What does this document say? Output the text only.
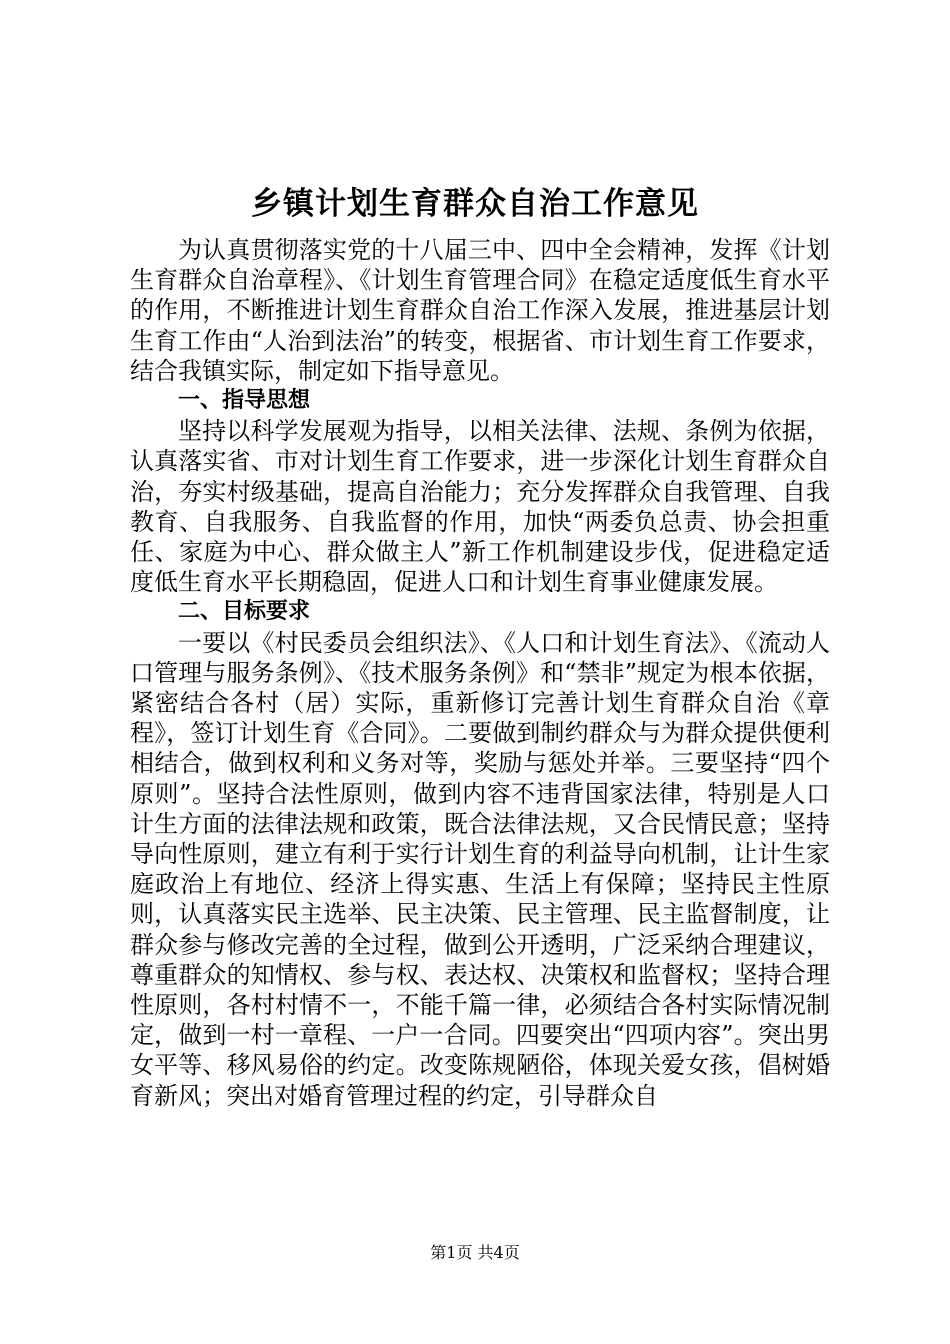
乡镇计划生育群众自治工作意见

为认真贯彻落实党的十八届三中、四中全会精神，发挥《计划生育群众自治章程》、《计划生育管理合同》在稳定适度低生育水平的作用，不断推进计划生育群众自治工作深入发展，推进基层计划生育工作由“人治到法治”的转变，根据省、市计划生育工作要求，结合我镇实际，制定如下指导意见。

一、指导思想

坚持以科学发展观为指导，以相关法律、法规、条例为依据，认真落实省、市对计划生育工作要求，进一步深化计划生育群众自治，夯实村级基础，提高自治能力；充分发挥群众自我管理、自我教育、自我服务、自我监督的作用，加快“两委负总责、协会担重任、家庭为中心、群众做主人”新工作机制建设步伐，促进稳定适度低生育水平长期稳固，促进人口和计划生育事业健康发展。

二、目标要求

一要以《村民委员会组织法》、《人口和计划生育法》、《流动人口管理与服务条例》、《技术服务条例》和“禁非”规定为根本依据，紧密结合各村（居）实际，重新修订完善计划生育群众自治《章程》，签订计划生育《合同》。二要做到制约群众与为群众提供便利相结合，做到权利和义务对等，奖励与惩处并举。三要坚持“四个原则”。坚持合法性原则，做到内容不违背国家法律，特别是人口计生方面的法律法规和政策，既合法律法规，又合民情民意；坚持导向性原则，建立有利于实行计划生育的利益导向机制，让计生家庭政治上有地位、经济上得实惠、生活上有保障；坚持民主性原则，认真落实民主选举、民主决策、民主管理、民主监督制度，让群众参与修改完善的全过程，做到公开透明，广泛采纳合理建议，尊重群众的知情权、参与权、表达权、决策权和监督权；坚持合理性原则，各村村情不一，不能千篇一律，必须结合各村实际情况制定，做到一村一章程、一户一合同。四要突出“四项内容”。突出男女平等、移风易俗的约定。改变陈规陋俗，体现关爱女孩，倡树婚育新风；突出对婚育管理过程的约定，引导群众自

第1页 共4页
